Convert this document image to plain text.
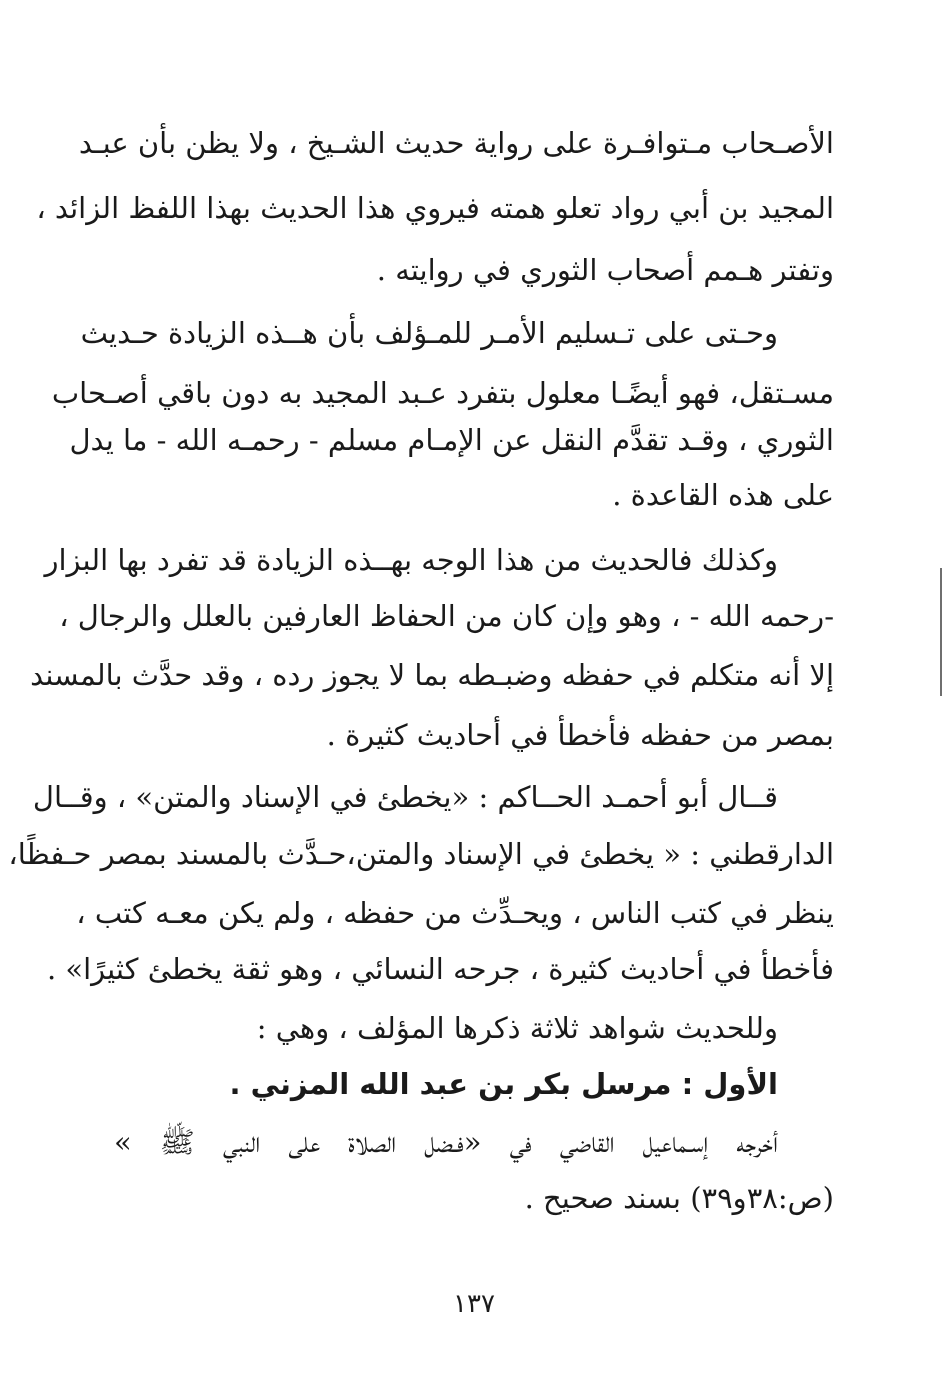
الأصـحاب مـتوافـرة على رواية حديث الشـيخ ، ولا يظن بأن عبـد
المجيد بن أبي رواد تعلو همته فيروي هذا الحديث بهذا اللفظ الزائد ،
وتفتر هـمم أصحاب الثوري في روايته .
وحـتى على تـسليم الأمـر للمـؤلف بأن هــذه الزيادة حـديث
مسـتقل، فهو أيضًـا معلول بتفرد عـبد المجيد به دون باقي أصـحاب
الثوري ، وقـد تقدَّم النقل عن الإمـام مسلم - رحمـه الله - ما يدل
على هذه القاعدة .
وكذلك فالحديث من هذا الوجه بهــذه الزيادة قد تفرد بها البزار
-رحمه الله - ، وهو وإن كان من الحفاظ العارفين بالعلل والرجال ،
إلا أنه متكلم في حفظه وضبـطه بما لا يجوز رده ، وقد حدَّث بالمسند
بمصر من حفظه فأخطأ في أحاديث كثيرة .
قــال أبو أحمـد الحــاكم : «يخطئ في الإسناد والمتن» ، وقــال
الدارقطني : « يخطئ في الإسناد والمتن،حـدَّث بالمسند بمصر حـفظًا،
ينظر في كتب الناس ، ويحـدِّث من حفظه ، ولم يكن معـه كتب ،
فأخطأ في أحاديث كثيرة ، جرحه النسائي ، وهو ثقة يخطئ كثيرًا» .
وللحديث شواهد ثلاثة ذكرها المؤلف ، وهي :
الأول : مرسل بكر بن عبد الله المزني .
أخرجه إسـماعيل القاضي في «فـضل الصلاة على النبي ﷺ »
(ص:٣٨و٣٩) بسند صحيح .
١٣٧
